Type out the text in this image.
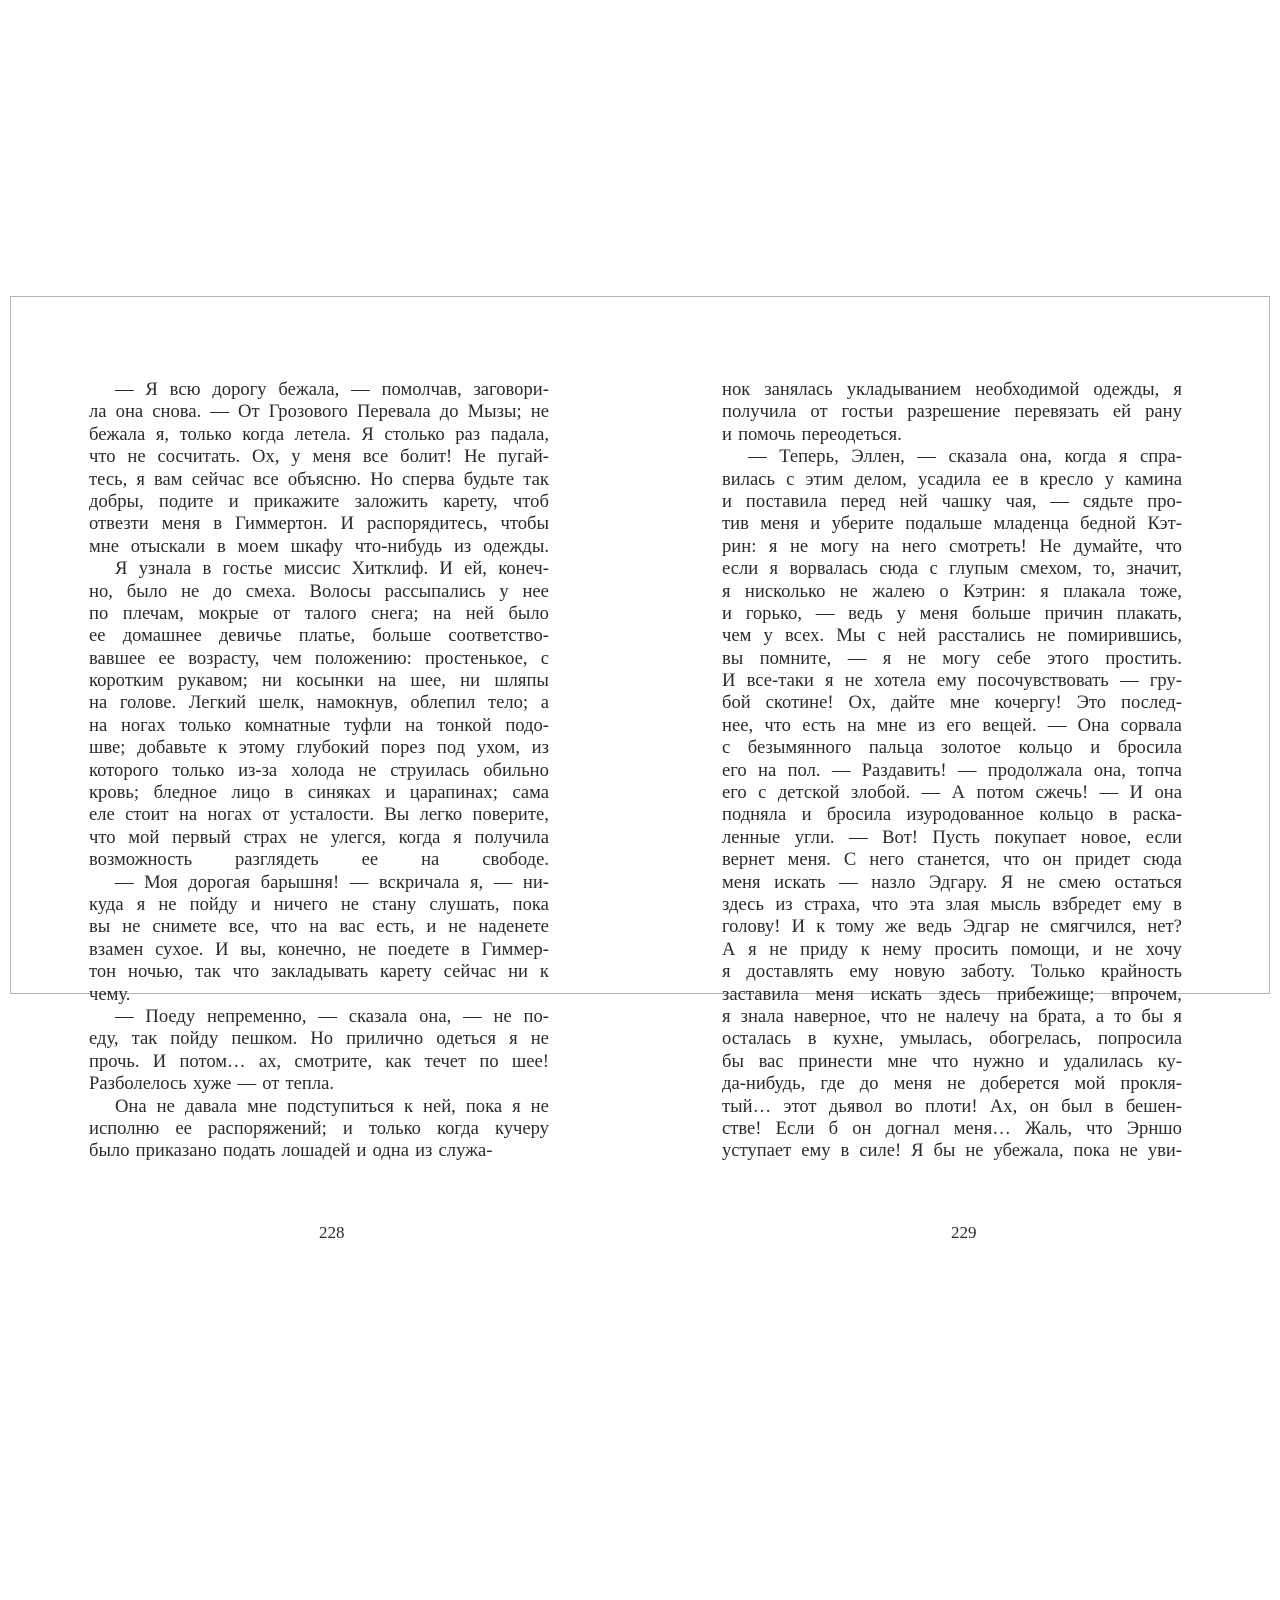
— Я всю дорогу бежала, — помолчав, заговори-
ла она снова. — От Грозового Перевала до Мызы; не
бежала я, только когда летела. Я столько раз падала,
что не сосчитать. Ох, у меня все болит! Не пугай-
тесь, я вам сейчас все объясню. Но сперва будьте так
добры, подите и прикажите заложить карету, чтоб
отвезти меня в Гиммертон. И распорядитесь, чтобы
мне отыскали в моем шкафу что-нибудь из одежды.
Я узнала в гостье миссис Хитклиф. И ей, конеч-
но, было не до смеха. Волосы рассыпались у нее
по плечам, мокрые от талого снега; на ней было
ее домашнее девичье платье, больше соответство-
вавшее ее возрасту, чем положению: простенькое, с
коротким рукавом; ни косынки на шее, ни шляпы
на голове. Легкий шелк, намокнув, облепил тело; а
на ногах только комнатные туфли на тонкой подо-
шве; добавьте к этому глубокий порез под ухом, из
которого только из-за холода не струилась обильно
кровь; бледное лицо в синяках и царапинах; сама
еле стоит на ногах от усталости. Вы легко поверите,
что мой первый страх не улегся, когда я получила
возможность разглядеть ее на свободе.
— Моя дорогая барышня! — вскричала я, — ни-
куда я не пойду и ничего не стану слушать, пока
вы не снимете все, что на вас есть, и не наденете
взамен сухое. И вы, конечно, не поедете в Гиммер-
тон ночью, так что закладывать карету сейчас ни к
чему.
— Поеду непременно, — сказала она, — не по-
еду, так пойду пешком. Но прилично одеться я не
прочь. И потом… ах, смотрите, как течет по шее!
Разболелось хуже — от тепла.
Она не давала мне подступиться к ней, пока я не
исполню ее распоряжений; и только когда кучеру
было приказано подать лошадей и одна из служа-
нок занялась укладыванием необходимой одежды, я
получила от гостьи разрешение перевязать ей рану
и помочь переодеться.
— Теперь, Эллен, — сказала она, когда я спра-
вилась с этим делом, усадила ее в кресло у камина
и поставила перед ней чашку чая, — сядьте про-
тив меня и уберите подальше младенца бедной Кэт-
рин: я не могу на него смотреть! Не думайте, что
если я ворвалась сюда с глупым смехом, то, значит,
я нисколько не жалею о Кэтрин: я плакала тоже,
и горько, — ведь у меня больше причин плакать,
чем у всех. Мы с ней расстались не помирившись,
вы помните, — я не могу себе этого простить.
И все-таки я не хотела ему посочувствовать — гру-
бой скотине! Ох, дайте мне кочергу! Это послед-
нее, что есть на мне из его вещей. — Она сорвала
с безымянного пальца золотое кольцо и бросила
его на пол. — Раздавить! — продолжала она, топча
его с детской злобой. — А потом сжечь! — И она
подняла и бросила изуродованное кольцо в раска-
ленные угли. — Вот! Пусть покупает новое, если
вернет меня. С него станется, что он придет сюда
меня искать — назло Эдгару. Я не смею остаться
здесь из страха, что эта злая мысль взбредет ему в
голову! И к тому же ведь Эдгар не смягчился, нет?
А я не приду к нему просить помощи, и не хочу
я доставлять ему новую заботу. Только крайность
заставила меня искать здесь прибежище; впрочем,
я знала наверное, что не налечу на брата, а то бы я
осталась в кухне, умылась, обогрелась, попросила
бы вас принести мне что нужно и удалилась ку-
да-нибудь, где до меня не доберется мой прокля-
тый… этот дьявол во плоти! Ах, он был в бешен-
стве! Если б он догнал меня… Жаль, что Эрншо
уступает ему в силе! Я бы не убежала, пока не уви-
228	229
